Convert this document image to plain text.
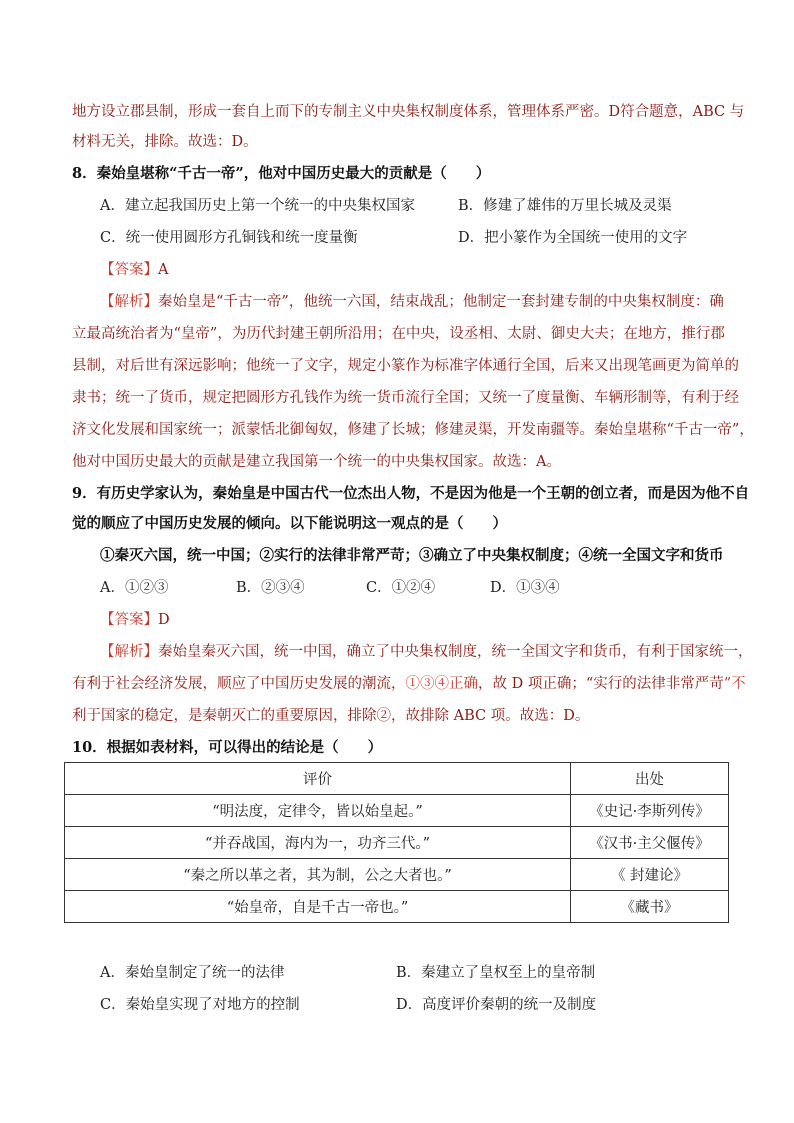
地方设立郡县制，形成一套自上而下的专制主义中央集权制度体系，管理体系严密。D符合题意，ABC 与
材料无关，排除。故选：D。
8．秦始皇堪称“千古一帝”，他对中国历史最大的贡献是（　　）
A．建立起我国历史上第一个统一的中央集权国家	B．修建了雄伟的万里长城及灵渠
C．统一使用圆形方孔铜钱和统一度量衡	D．把小篆作为全国统一使用的文字
【答案】A
【解析】秦始皇是“千古一帝”，他统一六国，结束战乱；他制定一套封建专制的中央集权制度：确
立最高统治者为“皇帝”，为历代封建王朝所沿用；在中央，设丞相、太尉、御史大夫；在地方，推行郡
县制，对后世有深远影响；他统一了文字，规定小篆作为标准字体通行全国，后来又出现笔画更为简单的
隶书；统一了货币，规定把圆形方孔钱作为统一货币流行全国；又统一了度量衡、车辆形制等，有利于经
济文化发展和国家统一；派蒙恬北御匈奴，修建了长城；修建灵渠，开发南疆等。秦始皇堪称“千古一帝”，
他对中国历史最大的贡献是建立我国第一个统一的中央集权国家。故选：A。
9．有历史学家认为，秦始皇是中国古代一位杰出人物，不是因为他是一个王朝的创立者，而是因为他不自
觉的顺应了中国历史发展的倾向。以下能说明这一观点的是（　　）
①秦灭六国，统一中国；②实行的法律非常严苛；③确立了中央集权制度；④统一全国文字和货币
A．①②③	B．②③④	C．①②④	D．①③④
【答案】D
【解析】秦始皇秦灭六国，统一中国，确立了中央集权制度，统一全国文字和货币，有利于国家统一，
有利于社会经济发展，顺应了中国历史发展的潮流，①③④正确，故 D 项正确；“实行的法律非常严苛”不
利于国家的稳定，是秦朝灭亡的重要原因，排除②，故排除 ABC 项。故选：D。
10．根据如表材料，可以得出的结论是（　　）
评价	出处
“明法度，定律令，皆以始皇起。”	《史记·李斯列传》
“并吞战国，海内为一，功齐三代。”	《汉书·主父偃传》
“秦之所以革之者，其为制，公之大者也。”	《 封建论》
“始皇帝，自是千古一帝也。”	《藏书》
A．秦始皇制定了统一的法律	B．秦建立了皇权至上的皇帝制
C．秦始皇实现了对地方的控制	D．高度评价秦朝的统一及制度
